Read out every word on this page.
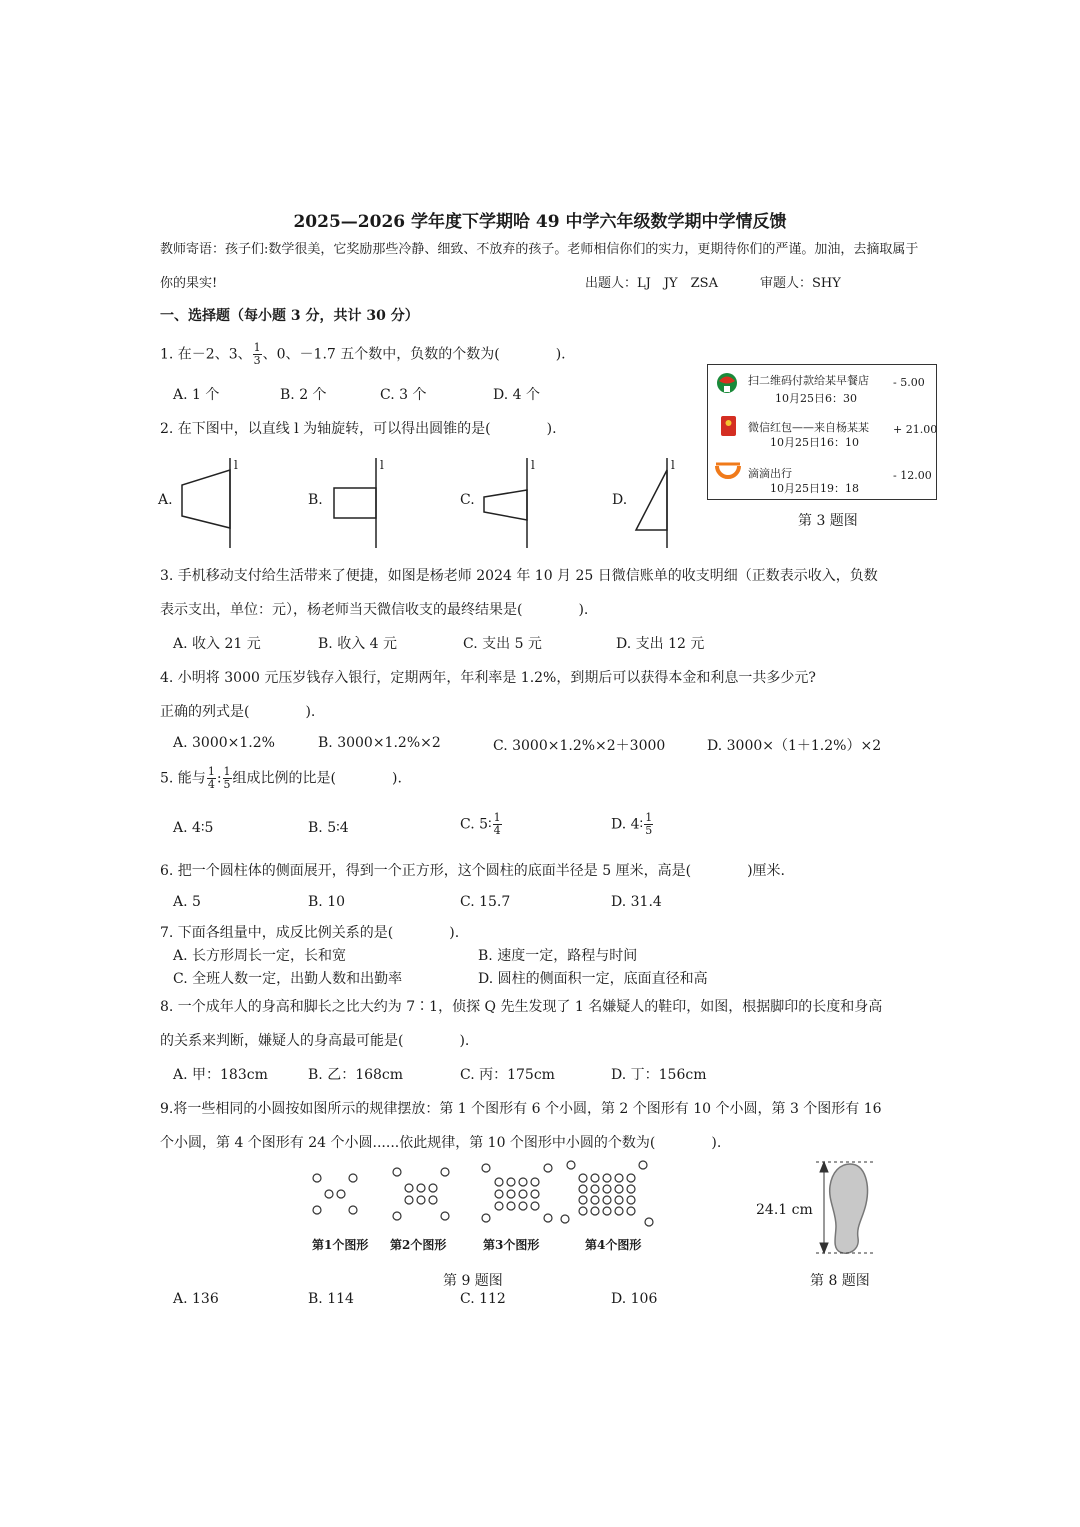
2025—2026 学年度下学期哈 49 中学六年级数学期中学情反馈
教师寄语：孩子们:数学很美，它奖励那些冷静、细致、不放弃的孩子。老师相信你们的实力，更期待你们的严谨。加油，去摘取属于
你的果实!	出题人：LJ　JY　ZSA	审题人：SHY
一、选择题（每小题 3 分，共计 30 分）
1. 在－2、3、 $\frac{1}{3}$ 、0、－1.7 五个数中，负数的个数为(　　　　).
A. 1 个	B. 2 个	C. 3 个	D. 4 个
2. 在下图中，以直线 l 为轴旋转，可以得出圆锥的是(　　　　).
A.	B.	C.	D.
l	l	l	l
扫二维码付款给某早餐店
10月25日6：30
- 5.00
微信红包——来自杨某某
10月25日16：10
+ 21.00
滴滴出行
10月25日19：18
- 12.00
第 3 题图
3. 手机移动支付给生活带来了便捷，如图是杨老师 2024 年 10 月 25 日微信账单的收支明细（正数表示收入，负数
表示支出，单位：元），杨老师当天微信收支的最终结果是(　　　　).
A. 收入 21 元	B. 收入 4 元	C. 支出 5 元	D. 支出 12 元
4. 小明将 3000 元压岁钱存入银行，定期两年，年利率是 1.2%，到期后可以获得本金和利息一共多少元?
正确的列式是(　　　　).
A. 3000×1.2%	B. 3000×1.2%×2	C. 3000×1.2%×2＋3000	D. 3000×（1＋1.2%）×2
5. 能与 $\frac{1}{4}$ : $\frac{1}{5}$ 组成比例的比是(　　　　).
A. 4∶5	B. 5∶4	C. 5∶ $\frac{1}{4}$	D. 4∶ $\frac{1}{5}$
6. 把一个圆柱体的侧面展开，得到一个正方形，这个圆柱的底面半径是 5 厘米，高是(　　　　)厘米.
A. 5	B. 10	C. 15.7	D. 31.4
7. 下面各组量中，成反比例关系的是(　　　　).
A. 长方形周长一定，长和宽	B. 速度一定，路程与时间
C. 全班人数一定，出勤人数和出勤率	D. 圆柱的侧面积一定，底面直径和高
8. 一个成年人的身高和脚长之比大约为 7∶1，侦探 Q 先生发现了 1 名嫌疑人的鞋印，如图，根据脚印的长度和身高
的关系来判断，嫌疑人的身高最可能是(　　　　).
A. 甲：183cm	B. 乙：168cm	C. 丙：175cm	D. 丁：156cm
9.将一些相同的小圆按如图所示的规律摆放：第 1 个图形有 6 个小圆，第 2 个图形有 10 个小圆，第 3 个图形有 16
个小圆，第 4 个图形有 24 个小圆......依此规律，第 10 个图形中小圆的个数为(　　　　).
第1个图形 第2个图形	第3个图形	第4个图形
第 9 题图
24.1 cm
第 8 题图
A. 136	B. 114	C. 112	D. 106
